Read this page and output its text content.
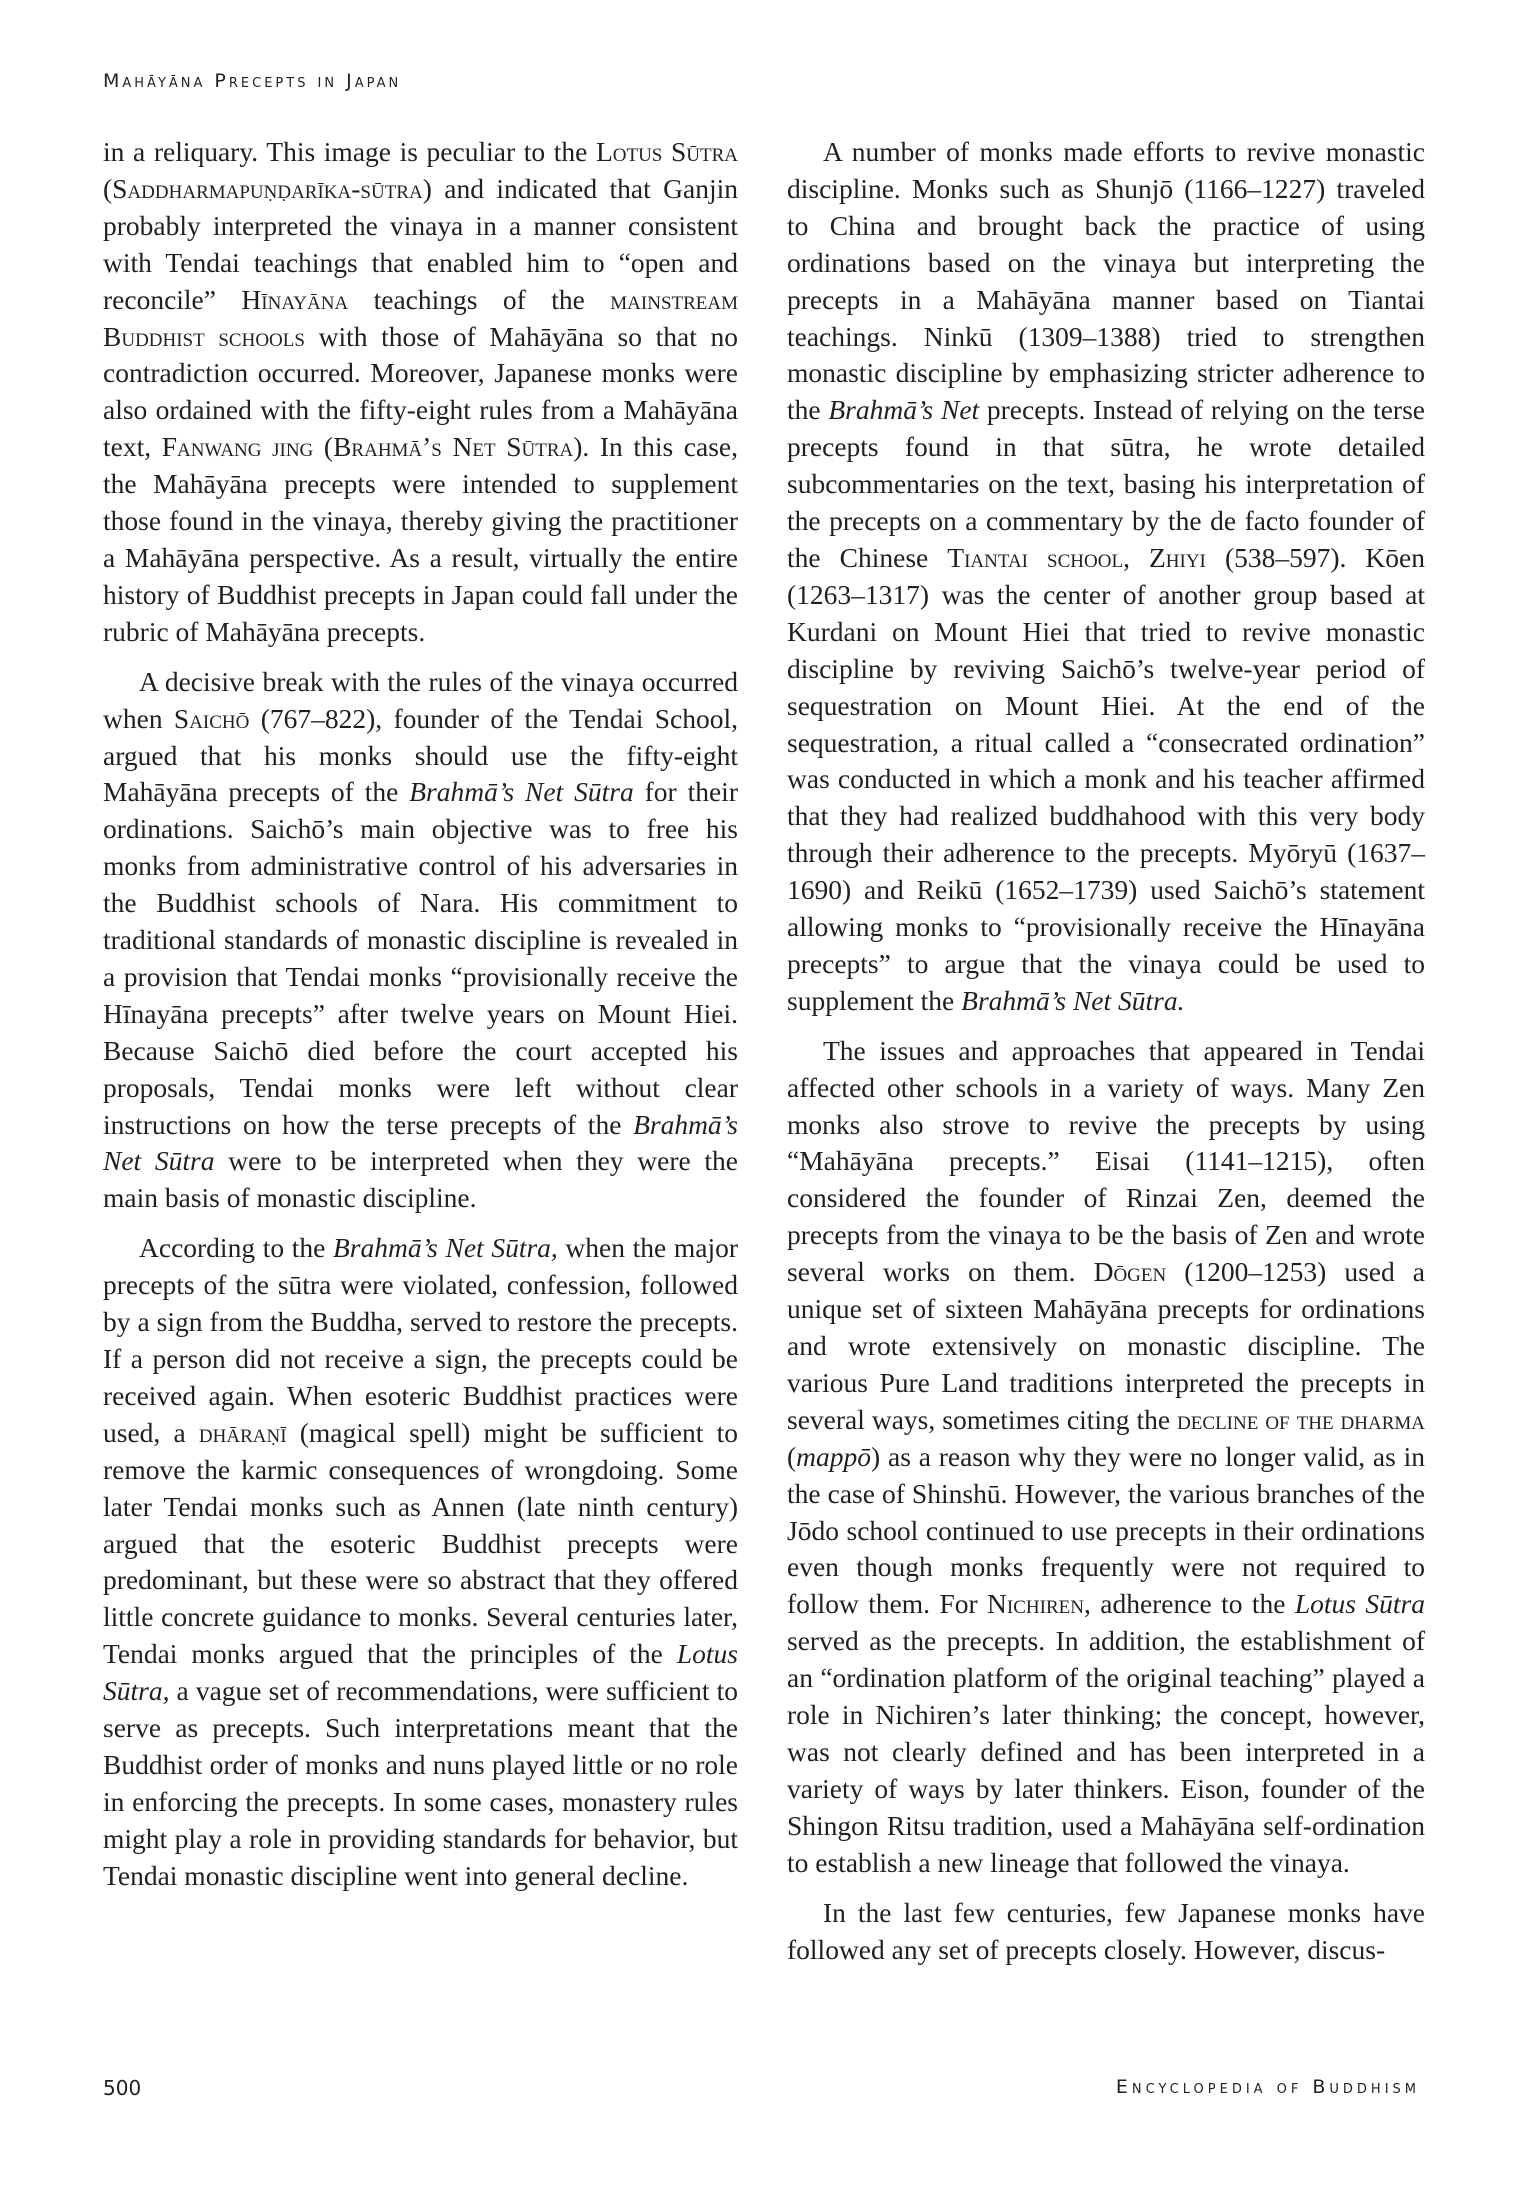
Mahāyāna Precepts in Japan

in a reliquary. This image is peculiar to the Lotus Sūtra (Saddharmapuṇḍarīka-sūtra) and indicated that Ganjin probably interpreted the vinaya in a manner consistent with Tendai teachings that enabled him to “open and reconcile” Hīnayāna teachings of the mainstream Buddhist schools with those of Mahāyāna so that no contradiction occurred. Moreover, Japanese monks were also ordained with the fifty-eight rules from a Mahāyāna text, Fanwang jing (Brahmā’s Net Sūtra). In this case, the Mahāyāna precepts were intended to supplement those found in the vinaya, thereby giving the practitioner a Mahāyāna perspective. As a result, virtually the entire history of Buddhist precepts in Japan could fall under the rubric of Mahāyāna precepts.

A decisive break with the rules of the vinaya occurred when Saichō (767–822), founder of the Tendai School, argued that his monks should use the fifty-eight Mahāyāna precepts of the Brahmā’s Net Sūtra for their ordinations. Saichō’s main objective was to free his monks from administrative control of his adversaries in the Buddhist schools of Nara. His commitment to traditional standards of monastic discipline is revealed in a provision that Tendai monks “provisionally receive the Hīnayāna precepts” after twelve years on Mount Hiei. Because Saichō died before the court accepted his proposals, Tendai monks were left without clear instructions on how the terse precepts of the Brahmā’s Net Sūtra were to be interpreted when they were the main basis of monastic discipline.

According to the Brahmā’s Net Sūtra, when the major precepts of the sūtra were violated, confession, followed by a sign from the Buddha, served to restore the precepts. If a person did not receive a sign, the precepts could be received again. When esoteric Buddhist practices were used, a dhāraṇī (magical spell) might be sufficient to remove the karmic consequences of wrongdoing. Some later Tendai monks such as Annen (late ninth century) argued that the esoteric Buddhist precepts were predominant, but these were so abstract that they offered little concrete guidance to monks. Several centuries later, Tendai monks argued that the principles of the Lotus Sūtra, a vague set of recommendations, were sufficient to serve as precepts. Such interpretations meant that the Buddhist order of monks and nuns played little or no role in enforcing the precepts. In some cases, monastery rules might play a role in providing standards for behavior, but Tendai monastic discipline went into general decline.

A number of monks made efforts to revive monastic discipline. Monks such as Shunjō (1166–1227) traveled to China and brought back the practice of using ordinations based on the vinaya but interpreting the precepts in a Mahāyāna manner based on Tiantai teachings. Ninkū (1309–1388) tried to strengthen monastic discipline by emphasizing stricter adherence to the Brahmā’s Net precepts. Instead of relying on the terse precepts found in that sūtra, he wrote detailed subcommentaries on the text, basing his interpretation of the precepts on a commentary by the de facto founder of the Chinese Tiantai school, Zhiyi (538–597). Kōen (1263–1317) was the center of another group based at Kurdani on Mount Hiei that tried to revive monastic discipline by reviving Saichō’s twelve-year period of sequestration on Mount Hiei. At the end of the sequestration, a ritual called a “consecrated ordination” was conducted in which a monk and his teacher affirmed that they had realized buddhahood with this very body through their adherence to the precepts. Myōryū (1637–1690) and Reikū (1652–1739) used Saichō’s statement allowing monks to “provisionally receive the Hīnayāna precepts” to argue that the vinaya could be used to supplement the Brahmā’s Net Sūtra.

The issues and approaches that appeared in Tendai affected other schools in a variety of ways. Many Zen monks also strove to revive the precepts by using “Mahāyāna precepts.” Eisai (1141–1215), often considered the founder of Rinzai Zen, deemed the precepts from the vinaya to be the basis of Zen and wrote several works on them. Dōgen (1200–1253) used a unique set of sixteen Mahāyāna precepts for ordinations and wrote extensively on monastic discipline. The various Pure Land traditions interpreted the precepts in several ways, sometimes citing the decline of the dharma (mappō) as a reason why they were no longer valid, as in the case of Shinshū. However, the various branches of the Jōdo school continued to use precepts in their ordinations even though monks frequently were not required to follow them. For Nichiren, adherence to the Lotus Sūtra served as the precepts. In addition, the establishment of an “ordination platform of the original teaching” played a role in Nichiren’s later thinking; the concept, however, was not clearly defined and has been interpreted in a variety of ways by later thinkers. Eison, founder of the Shingon Ritsu tradition, used a Mahāyāna self-ordination to establish a new lineage that followed the vinaya.

In the last few centuries, few Japanese monks have followed any set of precepts closely. However, discus-

500	Encyclopedia of Buddhism
